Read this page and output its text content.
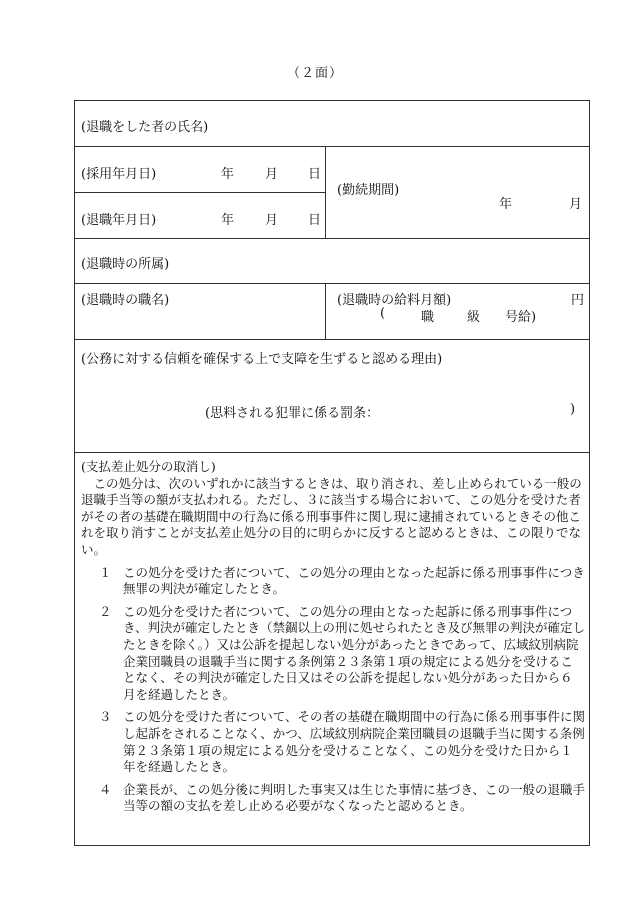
（２面）
(退職をした者の氏名)
(採用年月日)	年 月 日
(退職年月日)	年 月 日
(勤続期間)
年	月
(退職時の所属)
(退職時の職名)	(退職時の給料月額)	円
(	職	級 号給)
(公務に対する信頼を確保する上で支障を生ずると認める理由)
(思料される犯罪に係る罰条：	)
(支払差止処分の取消し)

この処分は、次のいずれかに該当するときは、取り消され、差し止められている一般の退職手当等の額が支払われる。ただし、３に該当する場合において、この処分を受けた者がその者の基礎在職期間中の行為に係る刑事事件に関し現に逮捕されているときその他これを取り消すことが支払差止処分の目的に明らかに反すると認めるときは、この限りでない。

１ この処分を受けた者について、この処分の理由となった起訴に係る刑事事件につき無罪の判決が確定したとき。
２ この処分を受けた者について、この処分の理由となった起訴に係る刑事事件につき、判決が確定したとき（禁錮以上の刑に処せられたとき及び無罪の判決が確定したときを除く。）又は公訴を提起しない処分があったときであって、広域紋別病院企業団職員の退職手当に関する条例第２３条第１項の規定による処分を受けることなく、その判決が確定した日又はその公訴を提起しない処分があった日から６月を経過したとき。
３ この処分を受けた者について、その者の基礎在職期間中の行為に係る刑事事件に関し起訴をされることなく、かつ、広域紋別病院企業団職員の退職手当に関する条例第２３条第１項の規定による処分を受けることなく、この処分を受けた日から１年を経過したとき。
４ 企業長が、この処分後に判明した事実又は生じた事情に基づき、この一般の退職手当等の額の支払を差し止める必要がなくなったと認めるとき。
